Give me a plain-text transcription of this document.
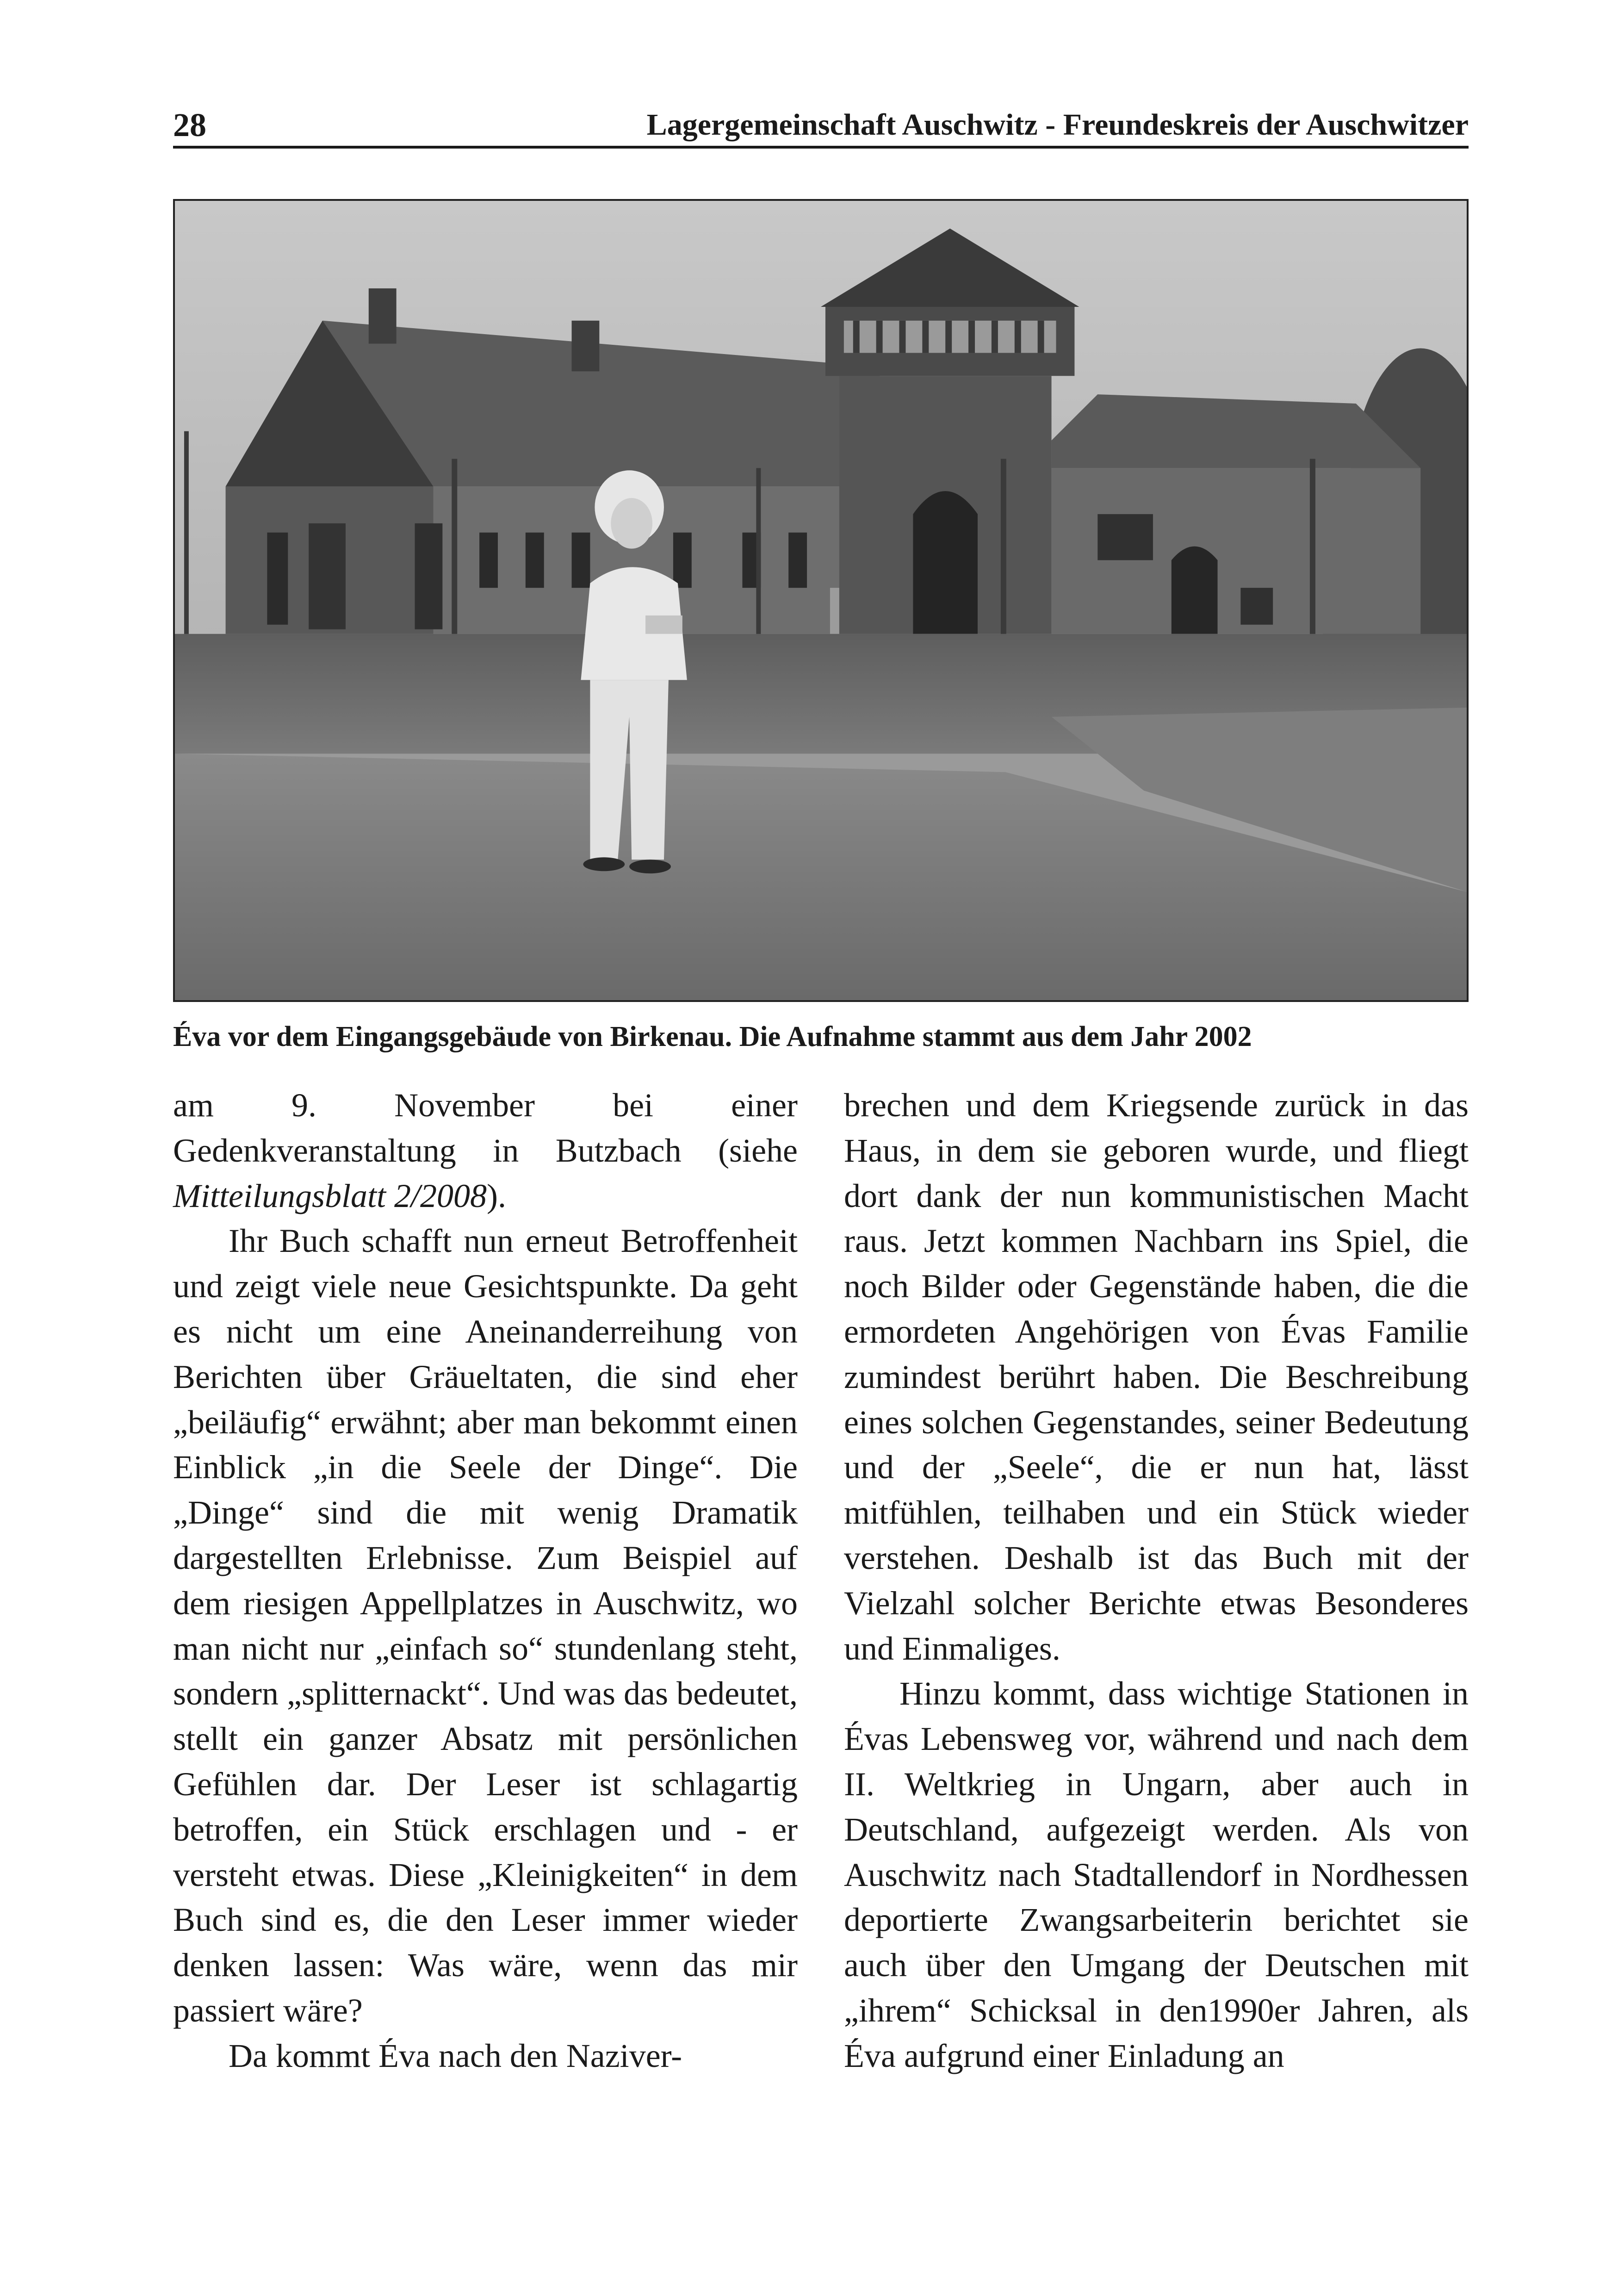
28	Lagergemeinschaft Auschwitz - Freundeskreis der Auschwitzer
Éva vor dem Eingangsgebäude von Birkenau. Die Aufnahme stammt aus dem Jahr 2002

am 9. November bei einer Gedenkveranstaltung in Butzbach (siehe Mitteilungsblatt 2/2008).

Ihr Buch schafft nun erneut Betroffenheit und zeigt viele neue Gesichtspunkte. Da geht es nicht um eine Aneinanderreihung von Berichten über Gräueltaten, die sind eher „beiläufig“ erwähnt; aber man bekommt einen Einblick „in die Seele der Dinge“. Die „Dinge“ sind die mit wenig Dramatik dargestellten Erlebnisse. Zum Beispiel auf dem riesigen Appellplatzes in Auschwitz, wo man nicht nur „einfach so“ stundenlang steht, sondern „splitternackt“. Und was das bedeutet, stellt ein ganzer Absatz mit persönlichen Gefühlen dar. Der Leser ist schlagartig betroffen, ein Stück erschlagen und - er versteht etwas. Diese „Kleinigkeiten“ in dem Buch sind es, die den Leser immer wieder denken lassen: Was wäre, wenn das mir passiert wäre?

Da kommt Éva nach den Naziver-

brechen und dem Kriegsende zurück in das Haus, in dem sie geboren wurde, und fliegt dort dank der nun kommunistischen Macht raus. Jetzt kommen Nachbarn ins Spiel, die noch Bilder oder Gegenstände haben, die die ermordeten Angehörigen von Évas Familie zumindest berührt haben. Die Beschreibung eines solchen Gegenstandes, seiner Bedeutung und der „Seele“, die er nun hat, lässt mitfühlen, teilhaben und ein Stück wieder verstehen. Deshalb ist das Buch mit der Vielzahl solcher Berichte etwas Besonderes und Einmaliges.

Hinzu kommt, dass wichtige Stationen in Évas Lebensweg vor, während und nach dem II. Weltkrieg in Ungarn, aber auch in Deutschland, aufgezeigt werden. Als von Auschwitz nach Stadtallendorf in Nordhessen deportierte Zwangsarbeiterin berichtet sie auch über den Umgang der Deutschen mit „ihrem“ Schicksal in den1990er Jahren, als Éva aufgrund einer Einladung an
